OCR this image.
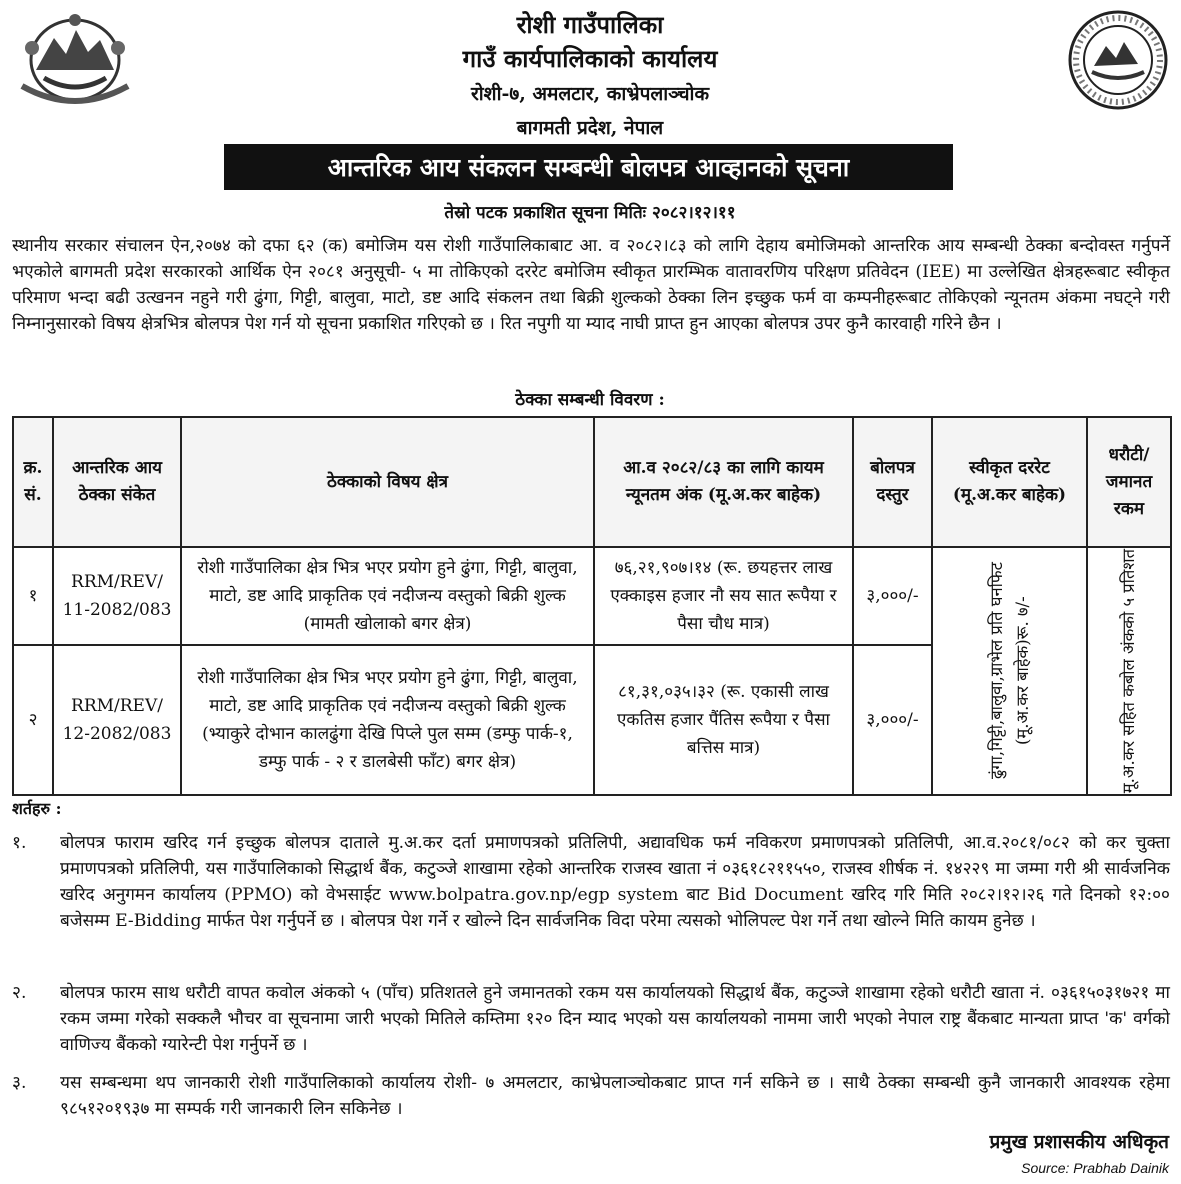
रोशी गाउँपालिका
गाउँ कार्यपालिकाको कार्यालय
रोशी-७, अमलटार, काभ्रेपलाञ्चोक
बागमती प्रदेश, नेपाल
आन्तरिक आय संकलन सम्बन्धी बोलपत्र आव्हानको सूचना
तेस्रो पटक प्रकाशित सूचना मितिः २०८२।१२।११
स्थानीय सरकार संचालन ऐन,२०७४ को दफा ६२ (क) बमोजिम यस रोशी गाउँपालिकाबाट आ. व २०८२।८३ को लागि देहाय बमोजिमको आन्तरिक आय सम्बन्धी ठेक्का बन्दोवस्त गर्नुपर्ने भएकोले बागमती प्रदेश सरकारको आर्थिक ऐन २०८१ अनुसूची- ५ मा तोकिएको दररेट बमोजिम स्वीकृत प्रारम्भिक वातावरणिय परिक्षण प्रतिवेदन (IEE) मा उल्लेखित क्षेत्रहरूबाट स्वीकृत परिमाण भन्दा बढी उत्खनन नहुने गरी ढुंगा, गिट्टी, बालुवा, माटो, डष्ट आदि संकलन तथा बिक्री शुल्कको ठेक्का लिन इच्छुक फर्म वा कम्पनीहरूबाट तोकिएको न्यूनतम अंकमा नघट्ने गरी निम्नानुसारको विषय क्षेत्रभित्र बोलपत्र पेश गर्न यो सूचना प्रकाशित गरिएको छ । रित नपुगी या म्याद नाघी प्राप्त हुन आएका बोलपत्र उपर कुनै कारवाही गरिने छैन ।
ठेक्का सम्बन्धी विवरण :
क्र. सं.	आन्तरिक आय ठेक्का संकेत	ठेक्काको विषय क्षेत्र	आ.व २०८२/८३ का लागि कायम न्यूनतम अंक (मू.अ.कर बाहेक)	बोलपत्र दस्तुर	स्वीकृत दररेट (मू.अ.कर बाहेक)	धरौटी/ जमानत रकम
१	RRM/REV/ 11-2082/083	रोशी गाउँपालिका क्षेत्र भित्र भएर प्रयोग हुने ढुंगा, गिट्टी, बालुवा, माटो, डष्ट आदि प्राकृतिक एवं नदीजन्य वस्तुको बिक्री शुल्क (मामती खोलाको बगर क्षेत्र)	७६,२१,९०७।१४ (रू. छयहत्तर लाख एक्काइस हजार नौ सय सात रूपैया र पैसा चौध मात्र)	३,०००/-	ढुंगा,गिट्टी,बालुवा,ग्राभेल प्रति घनफिट (मू.अ.कर बाहेक)रू. ७/-	मू.अ.कर सहित कबोल अंकको ५ प्रतिशत

२	RRM/REV/ 12-2082/083	रोशी गाउँपालिका क्षेत्र भित्र भएर प्रयोग हुने ढुंगा, गिट्टी, बालुवा, माटो, डष्ट आदि प्राकृतिक एवं नदीजन्य वस्तुको बिक्री शुल्क (भ्याकुरे दोभान कालढुंगा देखि पिप्ले पुल सम्म (डम्फु पार्क-१, डम्फु पार्क - २ र डालबेसी फाँट) बगर क्षेत्र)	८१,३१,०३५।३२ (रू. एकासी लाख एकतिस हजार पैंतिस रूपैया र पैसा बत्तिस मात्र)	३,०००/-		
शर्तहरु :
१.	बोलपत्र फाराम खरिद गर्न इच्छुक बोलपत्र दाताले मु.अ.कर दर्ता प्रमाणपत्रको प्रतिलिपी, अद्यावधिक फर्म नविकरण प्रमाणपत्रको प्रतिलिपी, आ.व.२०८१/०८२ को कर चुक्ता प्रमाणपत्रको प्रतिलिपी, यस गाउँपालिकाको सिद्धार्थ बैंक, कटुञ्जे शाखामा रहेको आन्तरिक राजस्व खाता नं ०३६१८२११५५०, राजस्व शीर्षक नं. १४२२९ मा जम्मा गरी श्री सार्वजनिक खरिद अनुगमन कार्यालय (PPMO) को वेभसाईट www.bolpatra.gov.np/egp system बाट Bid Document खरिद गरि मिति २०८२।१२।२६ गते दिनको १२:०० बजेसम्म E-Bidding मार्फत पेश गर्नुपर्ने छ । बोलपत्र पेश गर्ने र खोल्ने दिन सार्वजनिक विदा परेमा त्यसको भोलिपल्ट पेश गर्ने तथा खोल्ने मिति कायम हुनेछ ।
२.	बोलपत्र फारम साथ धरौटी वापत कवोल अंकको ५ (पाँच) प्रतिशतले हुने जमानतको रकम यस कार्यालयको सिद्धार्थ बैंक, कटुञ्जे शाखामा रहेको धरौटी खाता नं. ०३६१५०३१७२१ मा रकम जम्मा गरेको सक्कलै भौचर वा सूचनामा जारी भएको मितिले कम्तिमा १२० दिन म्याद भएको यस कार्यालयको नाममा जारी भएको नेपाल राष्ट्र बैंकबाट मान्यता प्राप्त 'क' वर्गको वाणिज्य बैंकको ग्यारेन्टी पेश गर्नुपर्ने छ ।
३.	यस सम्बन्धमा थप जानकारी रोशी गाउँपालिकाको कार्यालय रोशी- ७ अमलटार, काभ्रेपलाञ्चोकबाट प्राप्त गर्न सकिने छ । साथै ठेक्का सम्बन्धी कुनै जानकारी आवश्यक रहेमा ९८५१२०१९३७ मा सम्पर्क गरी जानकारी लिन सकिनेछ ।
प्रमुख प्रशासकीय अधिकृत
Source: Prabhab Dainik
